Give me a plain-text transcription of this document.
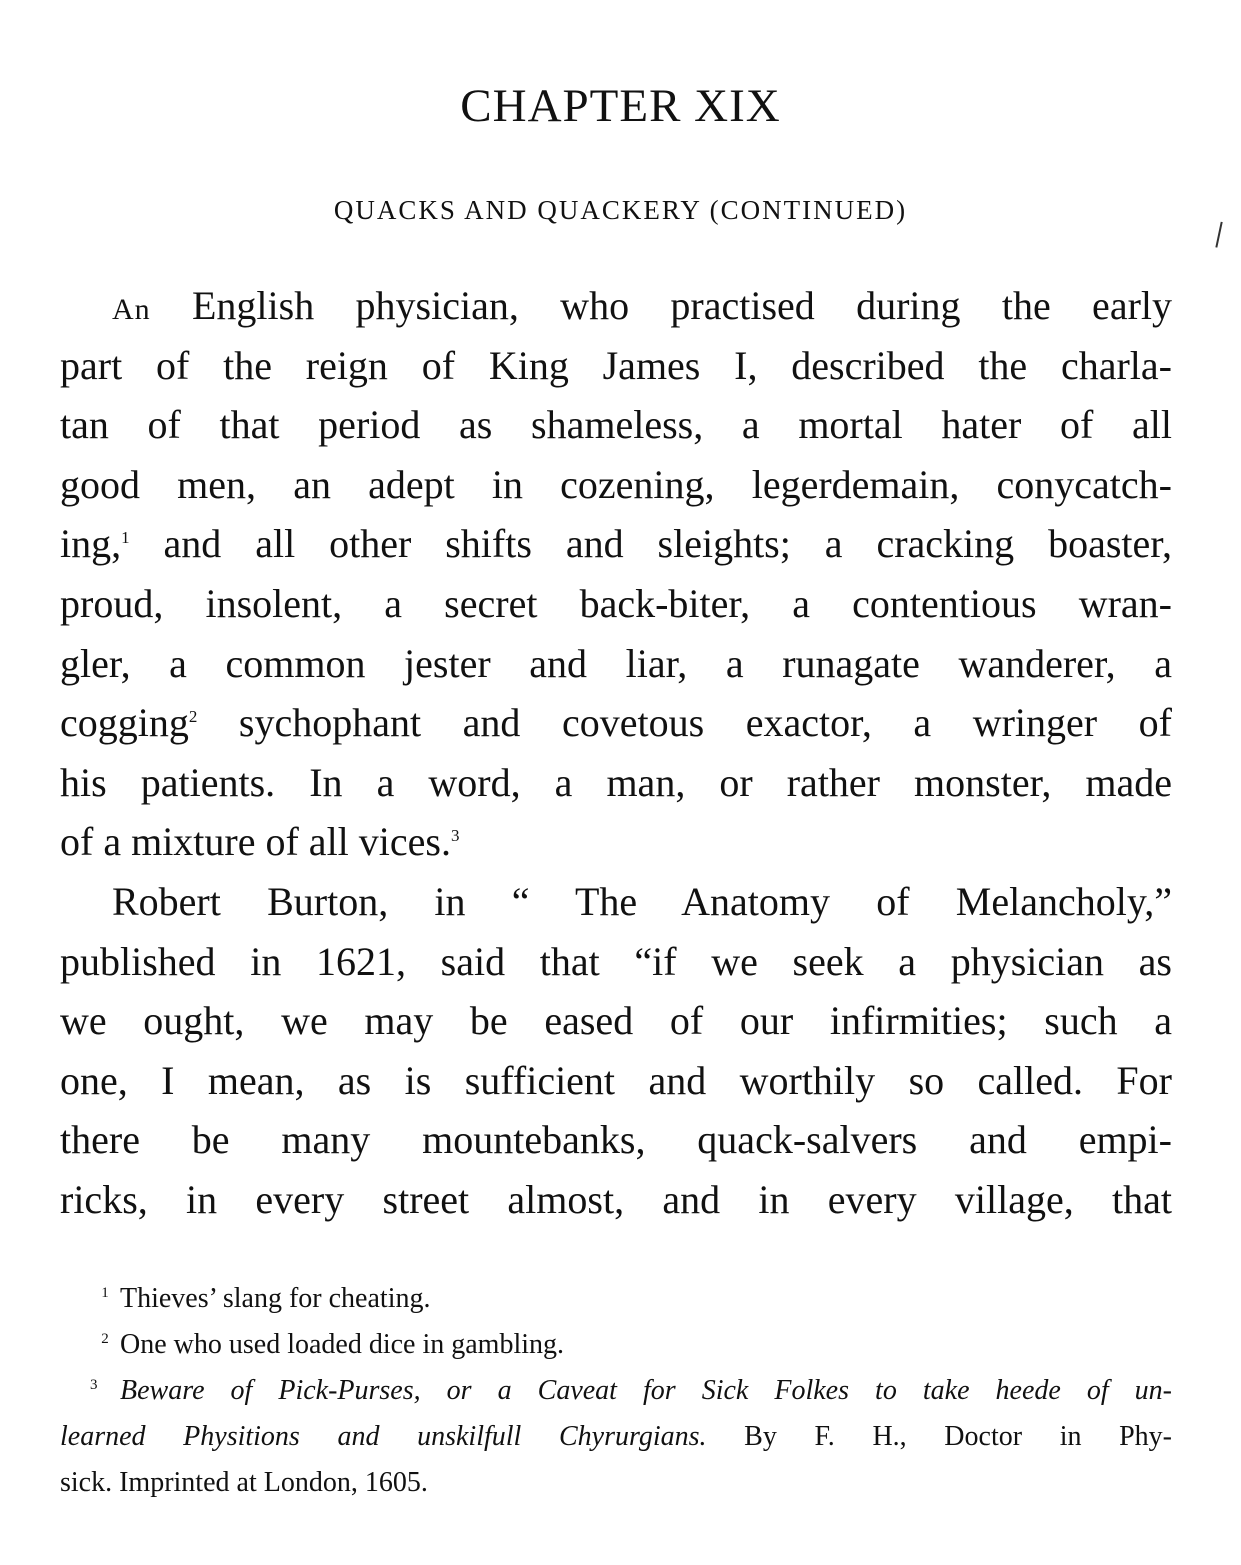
CHAPTER XIX
QUACKS AND QUACKERY (CONTINUED)
An English physician, who practised during the early
part of the reign of King James I, described the charla-
tan of that period as shameless, a mortal hater of all
good men, an adept in cozening, legerdemain, conycatch-
ing,$^1$ and all other shifts and sleights; a cracking boaster,
proud, insolent, a secret back-biter, a contentious wran-
gler, a common jester and liar, a runagate wanderer, a
cogging$^2$ sychophant and covetous exactor, a wringer of
his patients. In a word, a man, or rather monster, made
of a mixture of all vices.$^3$
Robert Burton, in “ The Anatomy of Melancholy,”
published in 1621, said that “if we seek a physician as
we ought, we may be eased of our infirmities; such a
one, I mean, as is sufficient and worthily so called. For
there be many mountebanks, quack-salvers and empi-
ricks, in every street almost, and in every village, that
1 Thieves’ slang for cheating.
2 One who used loaded dice in gambling.
3 Beware of Pick-Purses, or a Caveat for Sick Folkes to take heede of un-
learned Physitions and unskilfull Chyrurgians. By F. H., Doctor in Phy-
sick. Imprinted at London, 1605.
